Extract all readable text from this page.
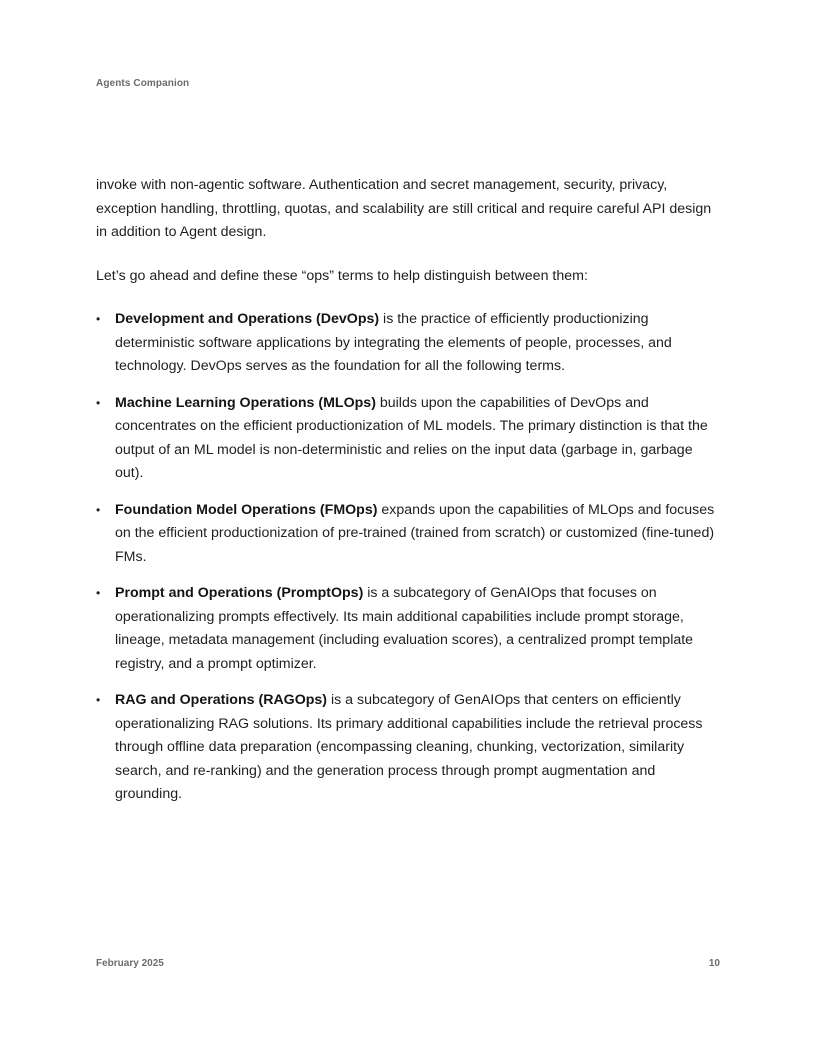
Agents Companion

invoke with non-agentic software. Authentication and secret management, security, privacy, exception handling, throttling, quotas, and scalability are still critical and require careful API design in addition to Agent design.

Let’s go ahead and define these “ops” terms to help distinguish between them:

• Development and Operations (DevOps) is the practice of efficiently productionizing deterministic software applications by integrating the elements of people, processes, and technology. DevOps serves as the foundation for all the following terms.
• Machine Learning Operations (MLOps) builds upon the capabilities of DevOps and concentrates on the efficient productionization of ML models. The primary distinction is that the output of an ML model is non-deterministic and relies on the input data (garbage in, garbage out).
• Foundation Model Operations (FMOps) expands upon the capabilities of MLOps and focuses on the efficient productionization of pre-trained (trained from scratch) or customized (fine-tuned) FMs.
• Prompt and Operations (PromptOps) is a subcategory of GenAIOps that focuses on operationalizing prompts effectively. Its main additional capabilities include prompt storage, lineage, metadata management (including evaluation scores), a centralized prompt template registry, and a prompt optimizer.
• RAG and Operations (RAGOps) is a subcategory of GenAIOps that centers on efficiently operationalizing RAG solutions. Its primary additional capabilities include the retrieval process through offline data preparation (encompassing cleaning, chunking, vectorization, similarity search, and re-ranking) and the generation process through prompt augmentation and grounding.
February 2025	10
